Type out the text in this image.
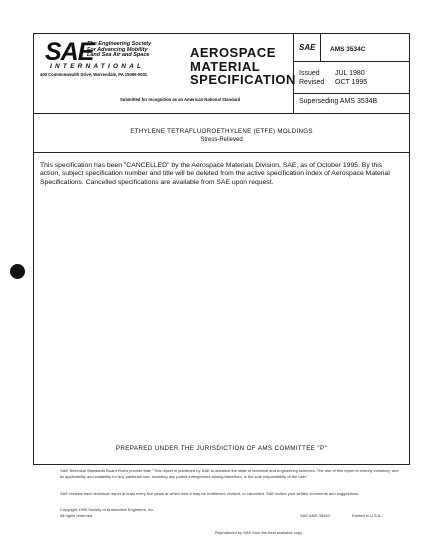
SAE
The Engineering Society
For Advancing Mobility
Land Sea Air and Space
INTERNATIONAL
400 Commonwealth Drive, Warrendale, PA 15096-0001
AEROSPACE
MATERIAL
SPECIFICATION
Submitted for recognition as an American National Standard
SAE AMS 3534C
Issued JUL 1980
Revised OCT 1995
Superseding AMS 3534B
ETHYLENE TETRAFLUOROETHYLENE (ETFE) MOLDINGS
Stress-Relieved
This specification has been "CANCELLED" by the Aerospace Materials Division, SAE, as of October 1995. By this action, subject specification number and title will be deleted from the active specification index of Aerospace Material Specifications. Cancelled specifications are available from SAE upon request.
PREPARED UNDER THE JURISDICTION OF AMS COMMITTEE "P"
SAE Technical Standards Board Rules provide that: "This report is published by SAE to advance the state of technical and engineering sciences. The use of this report is entirely voluntary, and its applicability and suitability for any particular use, including any patent infringement arising therefrom, is the sole responsibility of the user."
SAE reviews each technical report at least every five years at which time it may be reaffirmed, revised, or cancelled. SAE invites your written comments and suggestions.
Copyright 1995 Society of Automotive Engineers, Inc.
All rights reserved.	Printed in U.S.A.
SAE AMS 3534C
Reproduced by SAE from the best available copy
